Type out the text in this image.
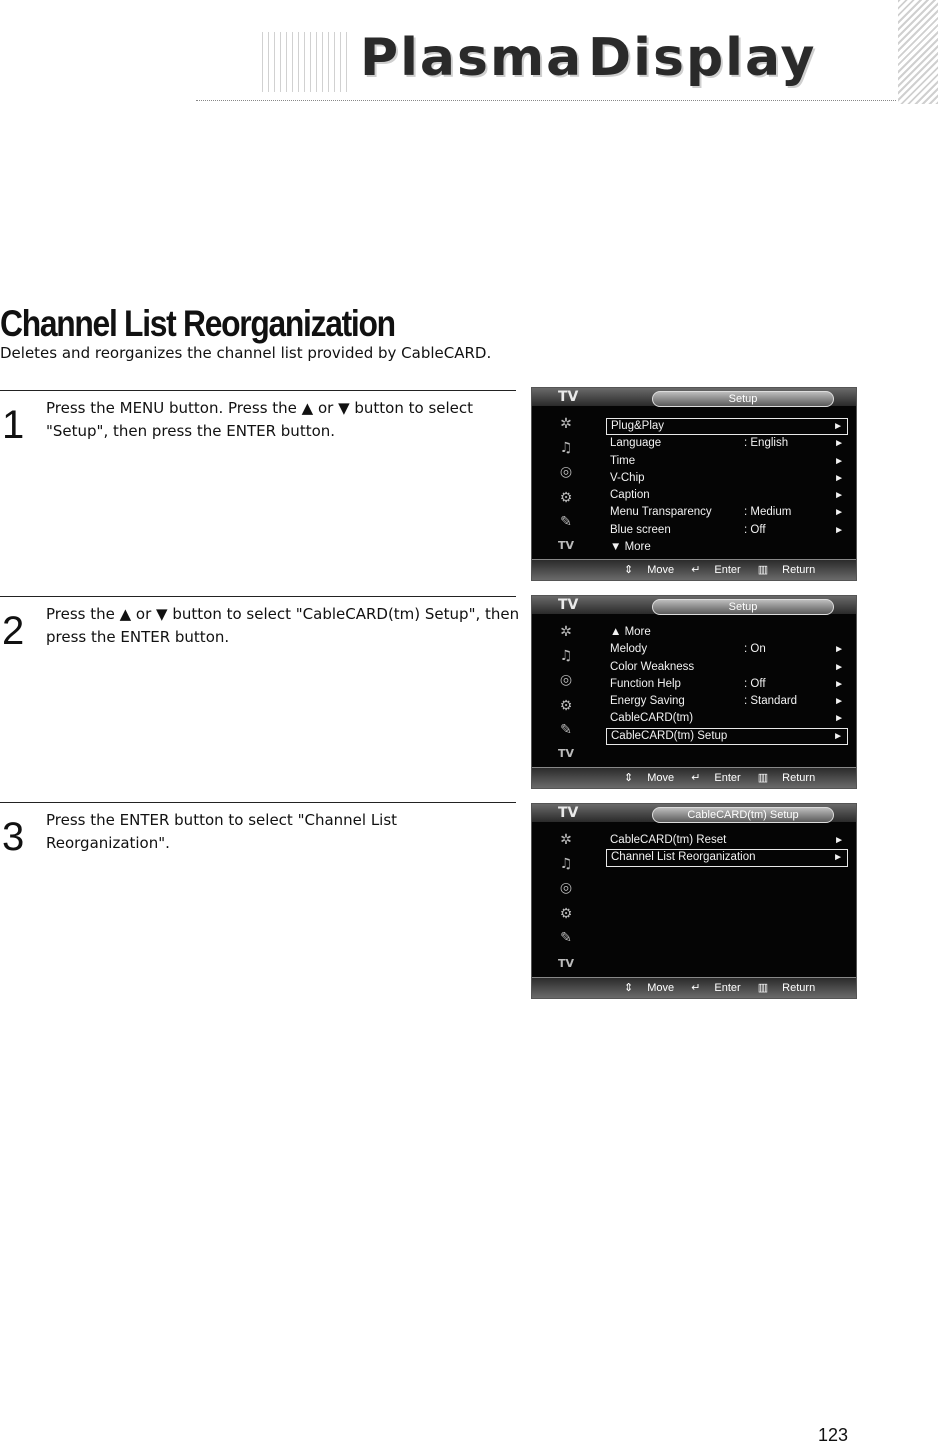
Plasma Display
Channel List Reorganization
Deletes and reorganizes the channel list provided by CableCARD.
1 Press the MENU button. Press the ▲ or ▼ button to select "Setup", then press the ENTER button.
TV	Setup
✲
♫
◎
⚙
✎
TV
Plug&Play	►
Language	: English	►
Time	►
V-Chip	►
Caption	►
Menu Transparency	: Medium	►
Blue screen	: Off	►
▼ More
⇕ Move ↵ Enter ▥ Return
2 Press the ▲ or ▼ button to select "CableCARD(tm) Setup", then press the ENTER button.
TV	Setup
✲
♫
◎
⚙
✎
TV
▲ More
Melody	: On	►
Color Weakness	►
Function Help	: Off	►
Energy Saving	: Standard	►
CableCARD(tm)	►
CableCARD(tm) Setup	►
⇕ Move ↵ Enter ▥ Return
3 Press the ENTER button to select "Channel List Reorganization".
TV	CableCARD(tm) Setup
✲
♫
◎
⚙
✎
TV
CableCARD(tm) Reset	►
Channel List Reorganization	►
⇕ Move ↵ Enter ▥ Return
123
